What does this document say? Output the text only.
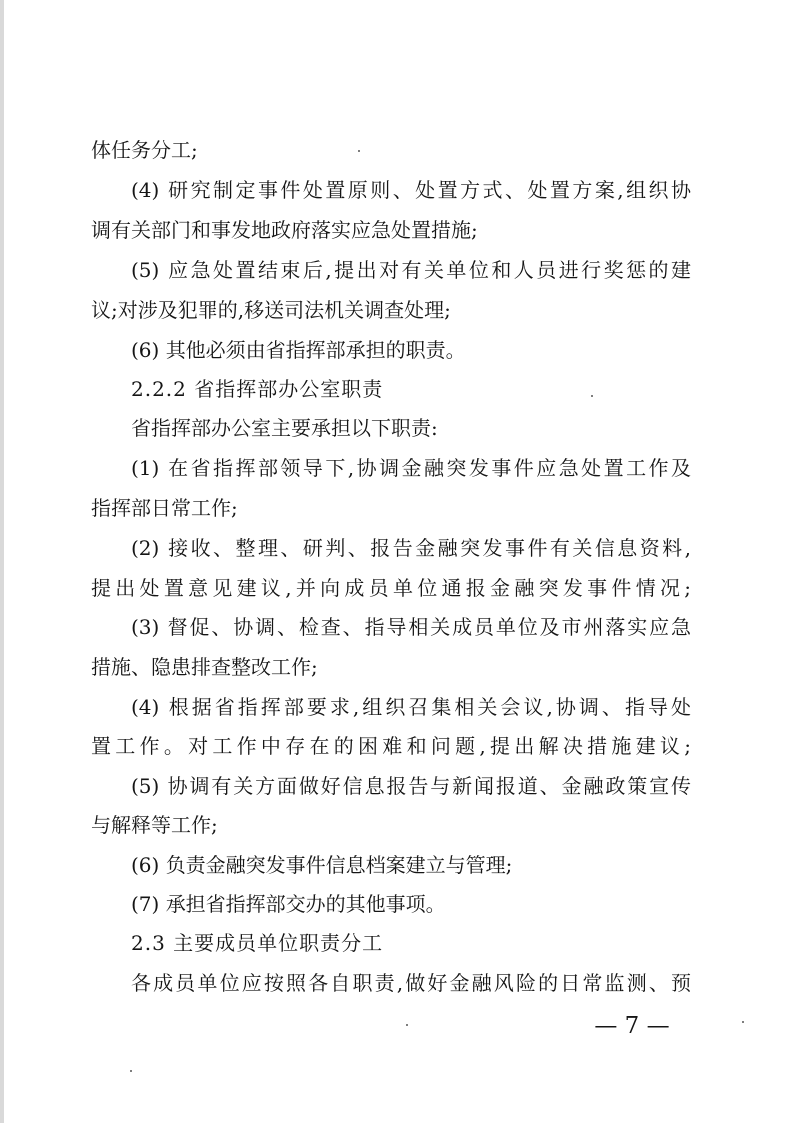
体任务分工;
(4) 研究制定事件处置原则、处置方式、处置方案,组织协
调有关部门和事发地政府落实应急处置措施;
(5) 应急处置结束后,提出对有关单位和人员进行奖惩的建
议;对涉及犯罪的,移送司法机关调查处理;
(6) 其他必须由省指挥部承担的职责。
2.2.2 省指挥部办公室职责
省指挥部办公室主要承担以下职责:
(1) 在省指挥部领导下,协调金融突发事件应急处置工作及
指挥部日常工作;
(2) 接收、整理、研判、报告金融突发事件有关信息资料,
提出处置意见建议,并向成员单位通报金融突发事件情况;
(3) 督促、协调、检查、指导相关成员单位及市州落实应急
措施、隐患排查整改工作;
(4) 根据省指挥部要求,组织召集相关会议,协调、指导处
置工作。对工作中存在的困难和问题,提出解决措施建议;
(5) 协调有关方面做好信息报告与新闻报道、金融政策宣传
与解释等工作;
(6) 负责金融突发事件信息档案建立与管理;
(7) 承担省指挥部交办的其他事项。
2.3 主要成员单位职责分工
各成员单位应按照各自职责,做好金融风险的日常监测、预
— 7 —
